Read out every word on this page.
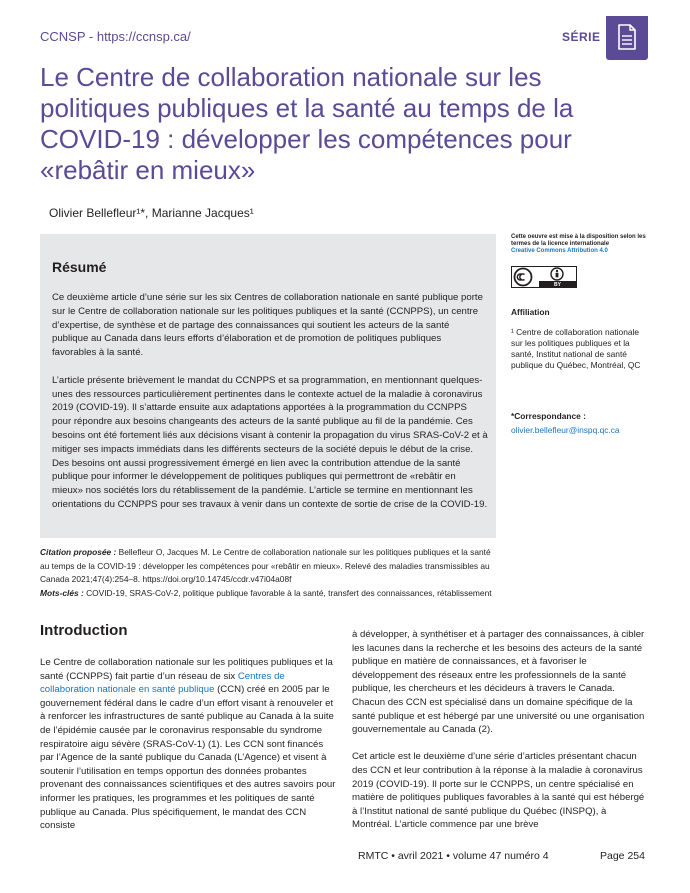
CCNSP - https://ccnsp.ca/	SÉRIE
Le Centre de collaboration nationale sur les politiques publiques et la santé au temps de la COVID-19 : développer les compétences pour «rebâtir en mieux»
Olivier Bellefleur¹*, Marianne Jacques¹
Résumé

Ce deuxième article d’une série sur les six Centres de collaboration nationale en santé publique porte sur le Centre de collaboration nationale sur les politiques publiques et la santé (CCNPPS), un centre d’expertise, de synthèse et de partage des connaissances qui soutient les acteurs de la santé publique au Canada dans leurs efforts d’élaboration et de promotion de politiques publiques favorables à la santé.

L’article présente brièvement le mandat du CCNPPS et sa programmation, en mentionnant quelques-unes des ressources particulièrement pertinentes dans le contexte actuel de la maladie à coronavirus 2019 (COVID-19). Il s’attarde ensuite aux adaptations apportées à la programmation du CCNPPS pour répondre aux besoins changeants des acteurs de la santé publique au fil de la pandémie. Ces besoins ont été fortement liés aux décisions visant à contenir la propagation du virus SRAS-CoV-2 et à mitiger ses impacts immédiats dans les différents secteurs de la société depuis le début de la crise. Des besoins ont aussi progressivement émergé en lien avec la contribution attendue de la santé publique pour informer le développement de politiques publiques qui permettront de «rebâtir en mieux» nos sociétés lors du rétablissement de la pandémie. L’article se termine en mentionnant les orientations du CCNPPS pour ses travaux à venir dans un contexte de sortie de crise de la COVID-19.

Cette oeuvre est mise à la disposition selon les termes de la licence internationale
Creative Commons Attribution 4.0
BY
Affiliation
¹ Centre de collaboration nationale sur les politiques publiques et la santé, Institut national de santé publique du Québec, Montréal, QC
*Correspondance :
olivier.bellefleur@inspq.qc.ca
Citation proposée : Bellefleur O, Jacques M. Le Centre de collaboration nationale sur les politiques publiques et la santé au temps de la COVID-19 : développer les compétences pour «rebâtir en mieux». Relevé des maladies transmissibles au Canada 2021;47(4):254–8. https://doi.org/10.14745/ccdr.v47i04a08f
Mots-clés : COVID-19, SRAS-CoV-2, politique publique favorable à la santé, transfert des connaissances, rétablissement
Introduction

Le Centre de collaboration nationale sur les politiques publiques et la santé (CCNPPS) fait partie d’un réseau de six Centres de collaboration nationale en santé publique (CCN) créé en 2005 par le gouvernement fédéral dans le cadre d’un effort visant à renouveler et à renforcer les infrastructures de santé publique au Canada à la suite de l’épidémie causée par le coronavirus responsable du syndrome respiratoire aigu sévère (SRAS-CoV-1) (1). Les CCN sont financés par l’Agence de la santé publique du Canada (L’Agence) et visent à soutenir l’utilisation en temps opportun des données probantes provenant des connaissances scientifiques et des autres savoirs pour informer les pratiques, les programmes et les politiques de santé publique au Canada. Plus spécifiquement, le mandat des CCN consiste

à développer, à synthétiser et à partager des connaissances, à cibler les lacunes dans la recherche et les besoins des acteurs de la santé publique en matière de connaissances, et à favoriser le développement des réseaux entre les professionnels de la santé publique, les chercheurs et les décideurs à travers le Canada. Chacun des CCN est spécialisé dans un domaine spécifique de la santé publique et est hébergé par une université ou une organisation gouvernementale au Canada (2).

Cet article est le deuxième d’une série d’articles présentant chacun des CCN et leur contribution à la réponse à la maladie à coronavirus 2019 (COVID-19). Il porte sur le CCNPPS, un centre spécialisé en matière de politiques publiques favorables à la santé qui est hébergé à l’Institut national de santé publique du Québec (INSPQ), à Montréal. L’article commence par une brève

RMTC • avril 2021 • volume 47 numéro 4	Page 254
